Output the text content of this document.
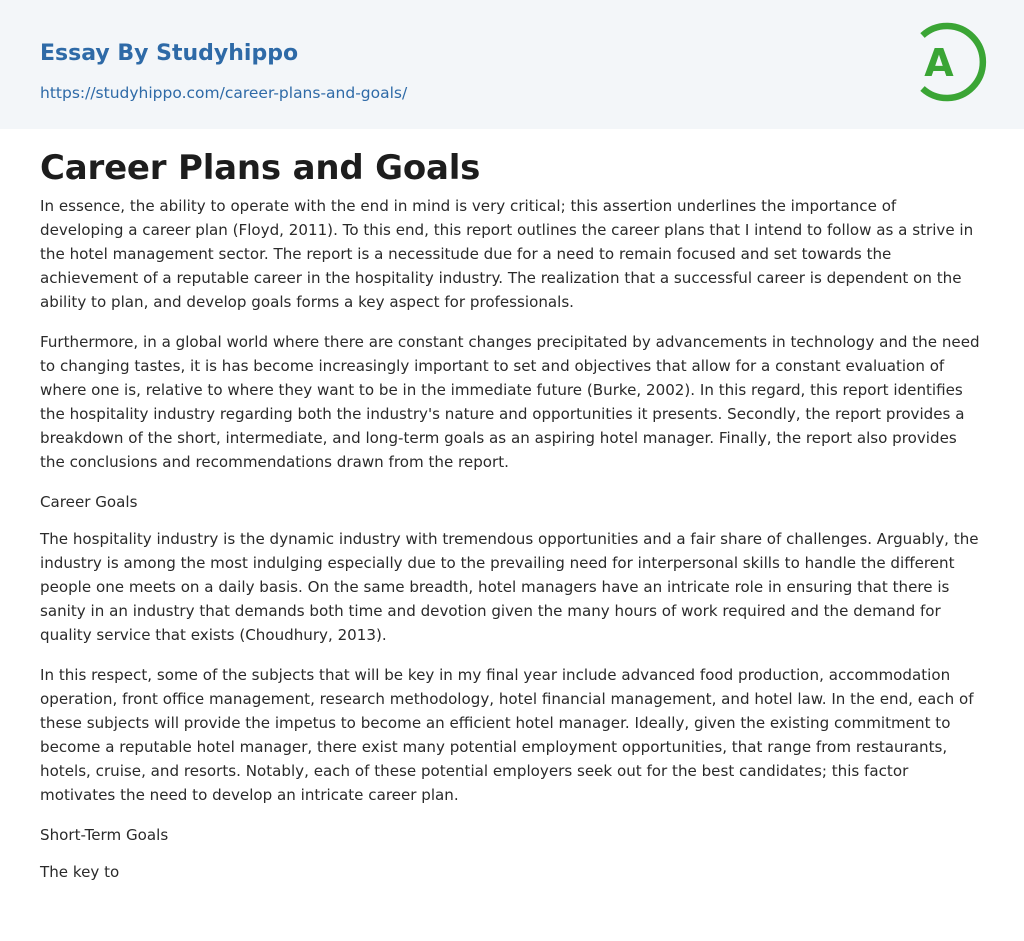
Essay By Studyhippo
https://studyhippo.com/career-plans-and-goals/
A
Career Plans and Goals

In essence, the ability to operate with the end in mind is very critical; this assertion underlines the importance of developing a career plan (Floyd, 2011). To this end, this report outlines the career plans that I intend to follow as a strive in the hotel management sector. The report is a necessitude due for a need to remain focused and set towards the achievement of a reputable career in the hospitality industry. The realization that a successful career is dependent on the ability to plan, and develop goals forms a key aspect for professionals.

Furthermore, in a global world where there are constant changes precipitated by advancements in technology and the need to changing tastes, it is has become increasingly important to set and objectives that allow for a constant evaluation of where one is, relative to where they want to be in the immediate future (Burke, 2002). In this regard, this report identifies the hospitality industry regarding both the industry's nature and opportunities it presents. Secondly, the report provides a breakdown of the short, intermediate, and long-term goals as an aspiring hotel manager. Finally, the report also provides the conclusions and recommendations drawn from the report.

Career Goals

The hospitality industry is the dynamic industry with tremendous opportunities and a fair share of challenges. Arguably, the industry is among the most indulging especially due to the prevailing need for interpersonal skills to handle the different people one meets on a daily basis. On the same breadth, hotel managers have an intricate role in ensuring that there is sanity in an industry that demands both time and devotion given the many hours of work required and the demand for quality service that exists (Choudhury, 2013).

In this respect, some of the subjects that will be key in my final year include advanced food production, accommodation operation, front office management, research methodology, hotel financial management, and hotel law. In the end, each of these subjects will provide the impetus to become an efficient hotel manager. Ideally, given the existing commitment to become a reputable hotel manager, there exist many potential employment opportunities, that range from restaurants, hotels, cruise, and resorts. Notably, each of these potential employers seek out for the best candidates; this factor motivates the need to develop an intricate career plan.

Short-Term Goals

The key to
